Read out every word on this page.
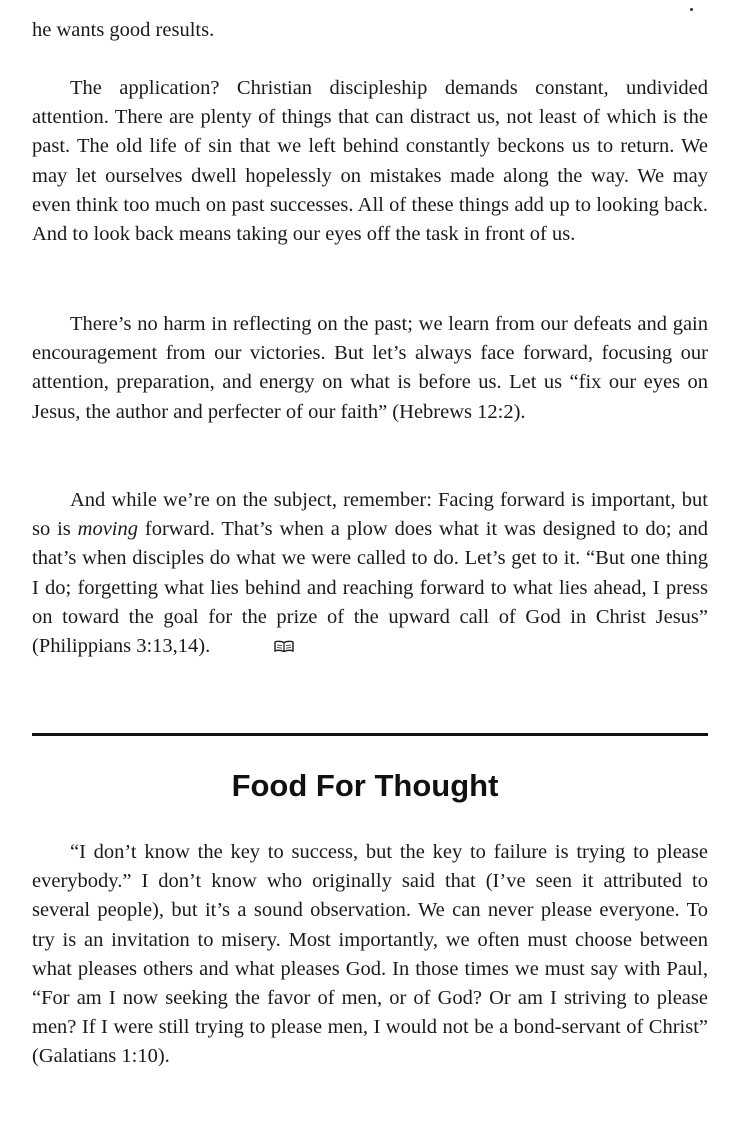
he wants good results.

The application? Christian discipleship demands constant, undivided attention. There are plenty of things that can distract us, not least of which is the past. The old life of sin that we left behind constantly beckons us to return. We may let ourselves dwell hopelessly on mistakes made along the way. We may even think too much on past successes. All of these things add up to looking back. And to look back means taking our eyes off the task in front of us.

There’s no harm in reflecting on the past; we learn from our defeats and gain encouragement from our victories. But let’s always face forward, focusing our attention, preparation, and energy on what is before us. Let us “fix our eyes on Jesus, the author and perfecter of our faith” (Hebrews 12:2).

And while we’re on the subject, remember: Facing forward is important, but so is moving forward. That’s when a plow does what it was designed to do; and that’s when disciples do what we were called to do. Let’s get to it. “But one thing I do; forgetting what lies behind and reaching forward to what lies ahead, I press on toward the goal for the prize of the upward call of God in Christ Jesus” (Philippians 3:13,14).

Food For Thought

“I don’t know the key to success, but the key to failure is trying to please everybody.” I don’t know who originally said that (I’ve seen it attributed to several people), but it’s a sound observation. We can never please everyone. To try is an invitation to misery. Most importantly, we often must choose between what pleases others and what pleases God. In those times we must say with Paul, “For am I now seeking the favor of men, or of God? Or am I striving to please men? If I were still trying to please men, I would not be a bond-servant of Christ” (Galatians 1:10).
